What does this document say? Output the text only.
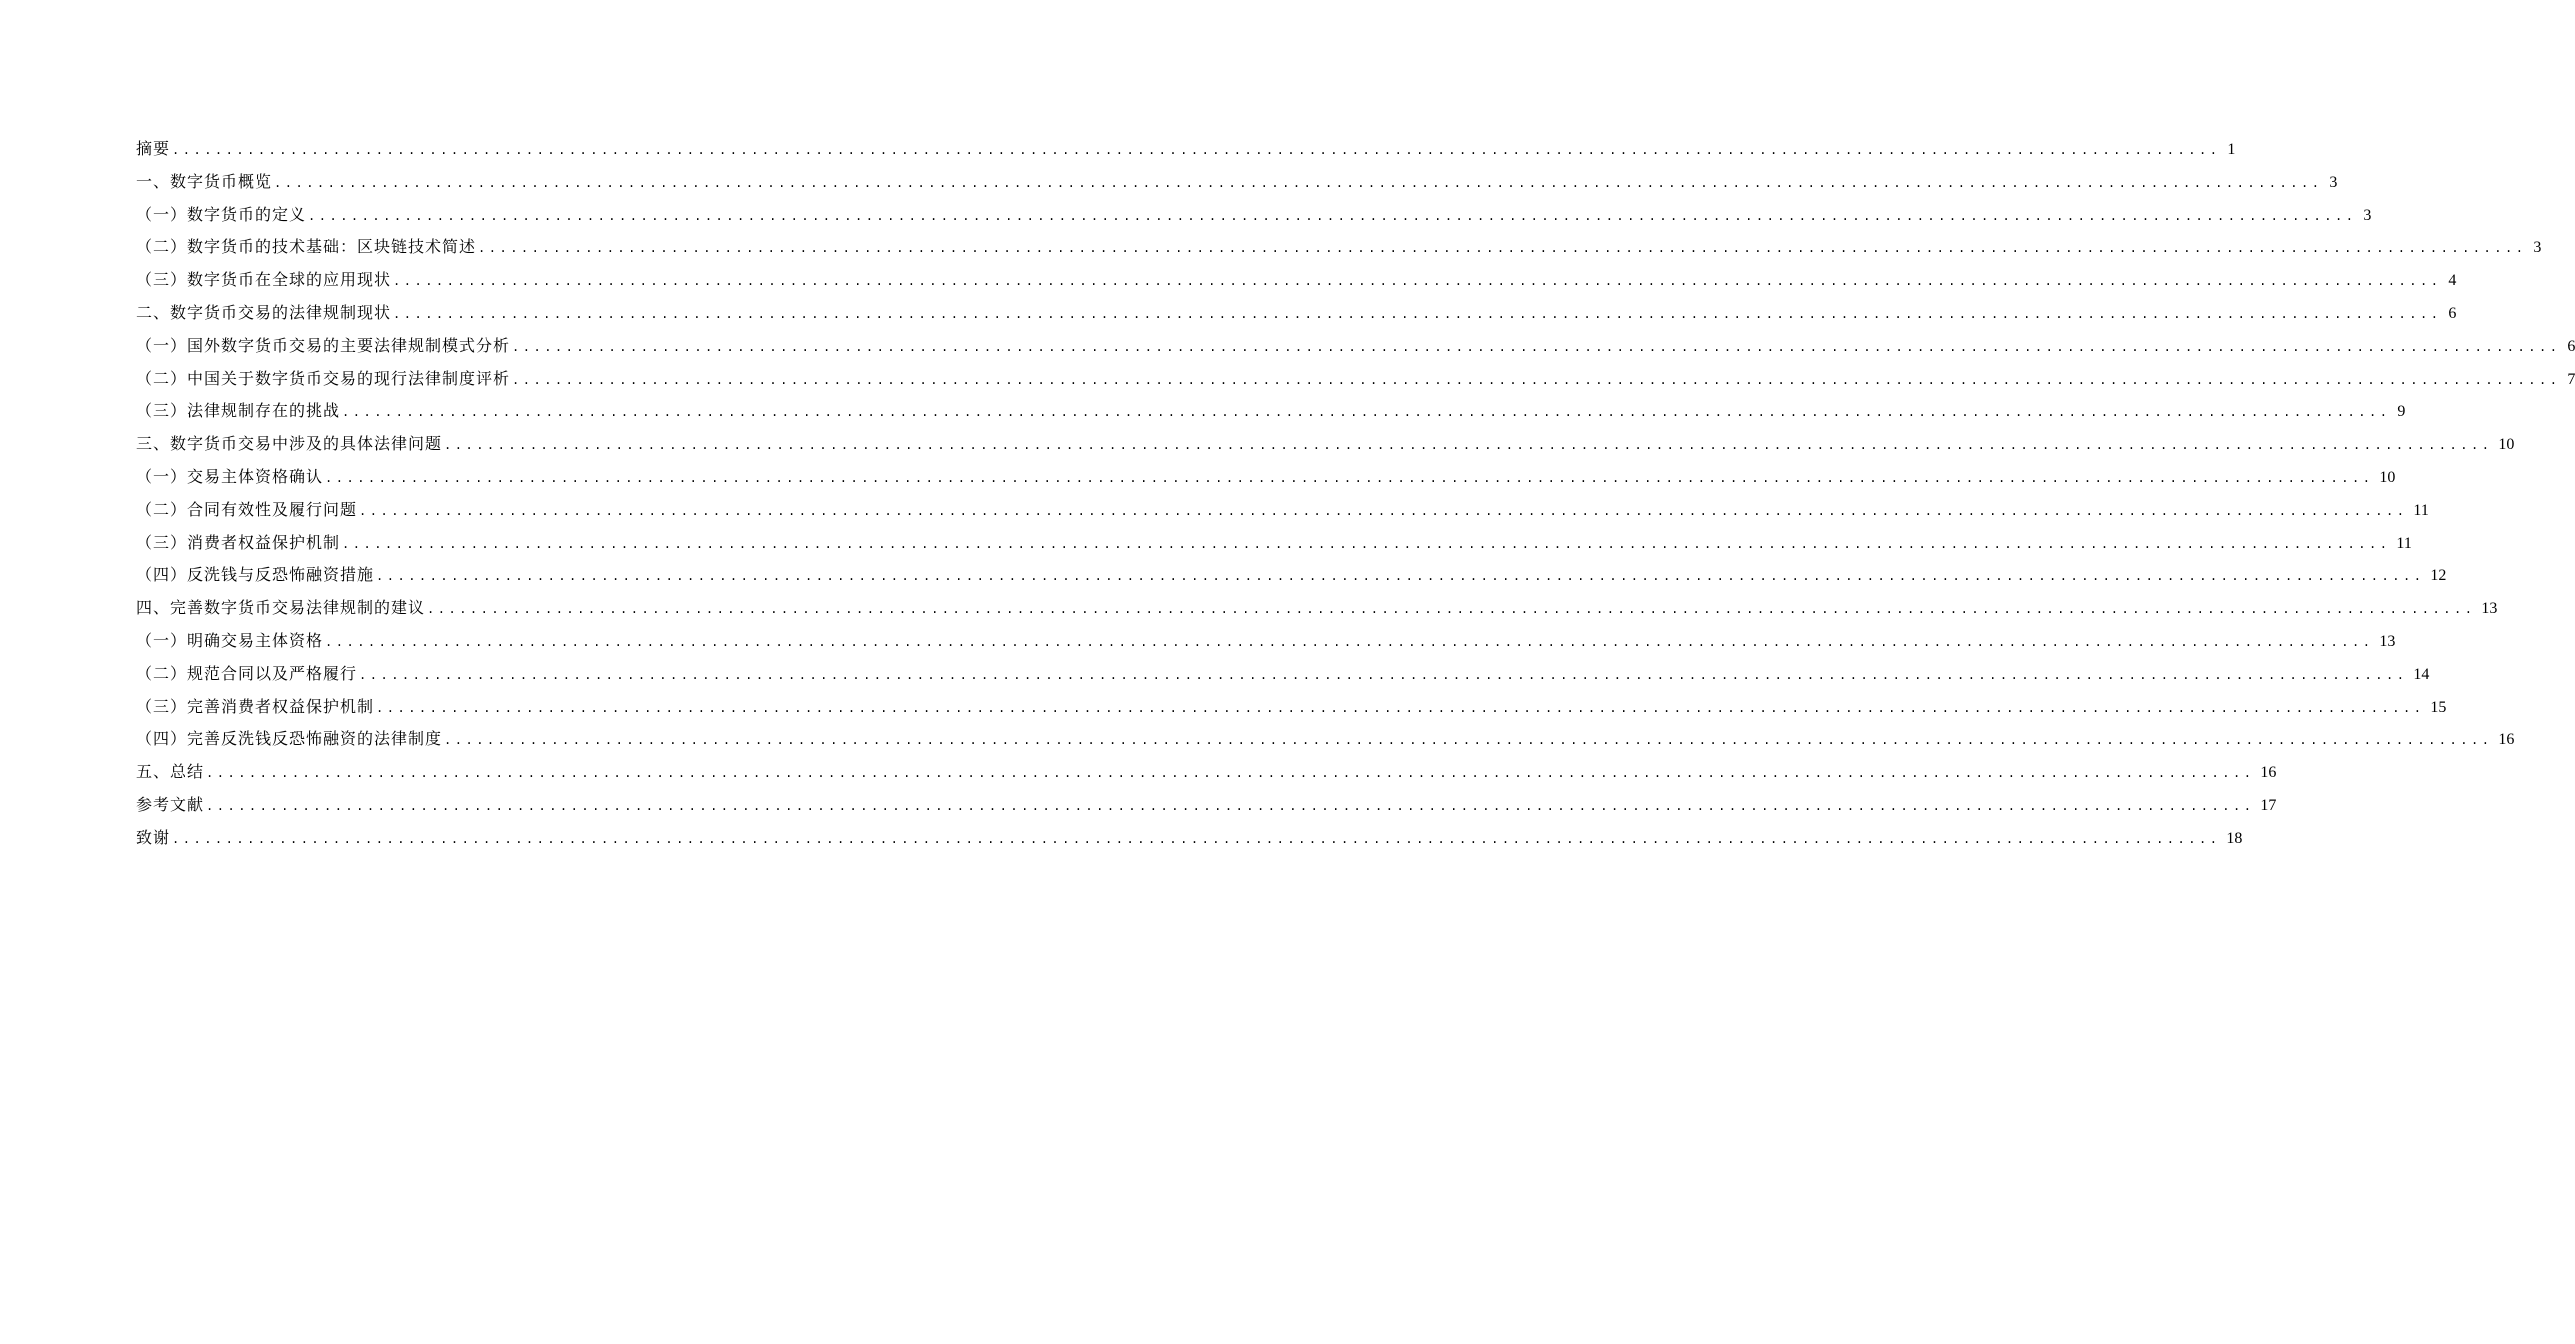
摘要 ............................................................................................................................................................................................... 1
一、数字货币概览 ............................................................................................................................................................................................... 3
（一）数字货币的定义 ............................................................................................................................................................................................... 3
（二）数字货币的技术基础：区块链技术简述 ............................................................................................................................................................................................... 3
（三）数字货币在全球的应用现状 ............................................................................................................................................................................................... 4
二、数字货币交易的法律规制现状 ............................................................................................................................................................................................... 6
（一）国外数字货币交易的主要法律规制模式分析 ............................................................................................................................................................................................... 6
（二）中国关于数字货币交易的现行法律制度评析 ............................................................................................................................................................................................... 7
（三）法律规制存在的挑战 ............................................................................................................................................................................................... 9
三、数字货币交易中涉及的具体法律问题 ............................................................................................................................................................................................... 10
（一）交易主体资格确认 ............................................................................................................................................................................................... 10
（二）合同有效性及履行问题 ............................................................................................................................................................................................... 11
（三）消费者权益保护机制 ............................................................................................................................................................................................... 11
（四）反洗钱与反恐怖融资措施 ............................................................................................................................................................................................... 12
四、完善数字货币交易法律规制的建议 ............................................................................................................................................................................................... 13
（一）明确交易主体资格 ............................................................................................................................................................................................... 13
（二）规范合同以及严格履行 ............................................................................................................................................................................................... 14
（三）完善消费者权益保护机制 ............................................................................................................................................................................................... 15
（四）完善反洗钱反恐怖融资的法律制度 ............................................................................................................................................................................................... 16
五、总结 ............................................................................................................................................................................................... 16
参考文献 ............................................................................................................................................................................................... 17
致谢 ............................................................................................................................................................................................... 18
